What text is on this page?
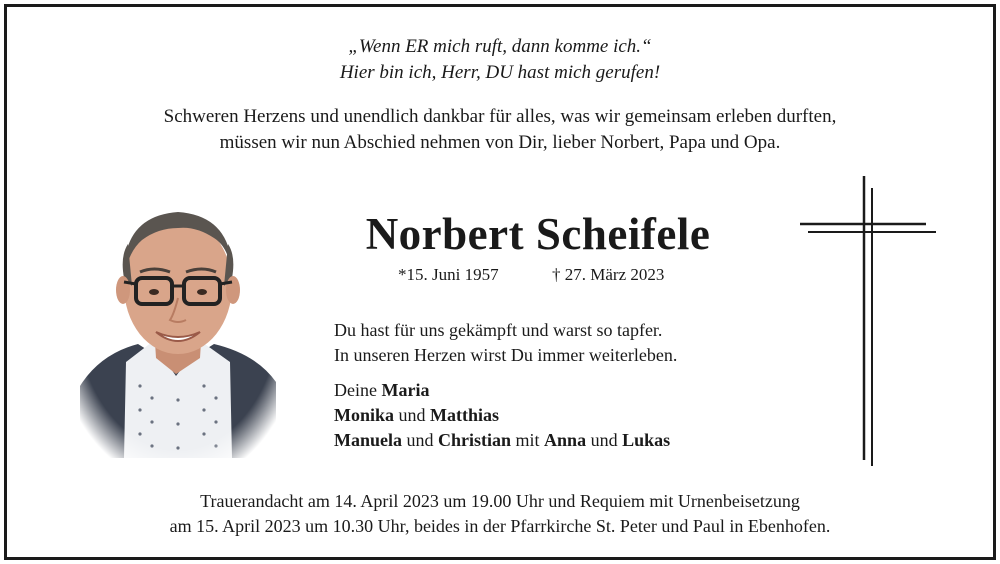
„Wenn ER mich ruft, dann komme ich.“
Hier bin ich, Herr, DU hast mich gerufen!
Schweren Herzens und unendlich dankbar für alles, was wir gemeinsam erleben durften,
müssen wir nun Abschied nehmen von Dir, lieber Norbert, Papa und Opa.
Norbert Scheifele
*15. Juni 1957	† 27. März 2023
Du hast für uns gekämpft und warst so tapfer.
In unseren Herzen wirst Du immer weiterleben.
Deine Maria
Monika und Matthias
Manuela und Christian mit Anna und Lukas
Trauerandacht am 14. April 2023 um 19.00 Uhr und Requiem mit Urnenbeisetzung
am 15. April 2023 um 10.30 Uhr, beides in der Pfarrkirche St. Peter und Paul in Ebenhofen.
